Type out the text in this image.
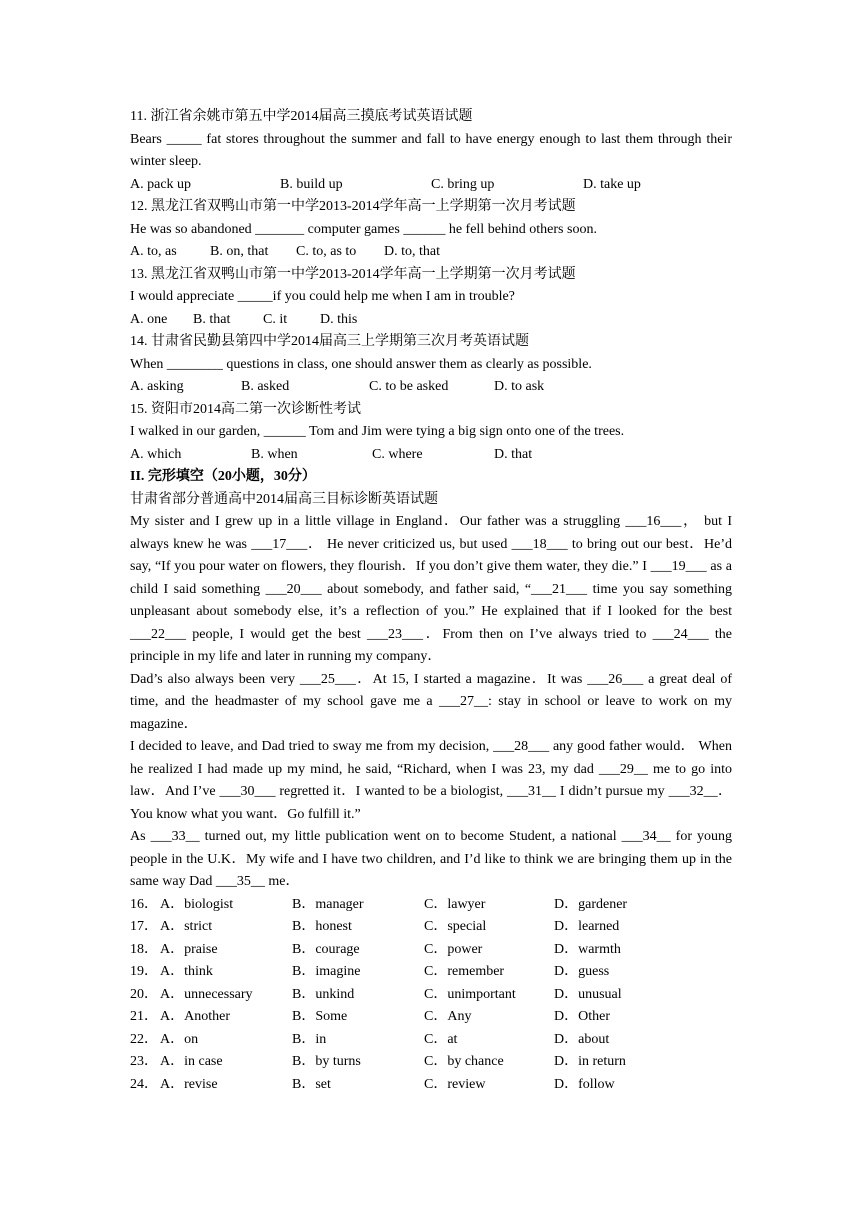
11. 浙江省余姚市第五中学2014届高三摸底考试英语试题

Bears _____ fat stores throughout the summer and fall to have energy enough to last them through their winter sleep.

A. pack up	B. build up	C. bring up	D. take up

12. 黑龙江省双鸭山市第一中学2013-2014学年高一上学期第一次月考试题

He was so abandoned _______ computer games ______ he fell behind others soon.

A. to, as	B. on, that	C. to, as to	D. to, that

13. 黑龙江省双鸭山市第一中学2013-2014学年高一上学期第一次月考试题

I would appreciate _____if you could help me when I am in trouble?

A. one	B. that	C. it	D. this

14. 甘肃省民勤县第四中学2014届高三上学期第三次月考英语试题

When ________ questions in class, one should answer them as clearly as possible.

A. asking	B. asked	C. to be asked	D. to ask

15. 资阳市2014高二第一次诊断性考试

I walked in our garden, ______ Tom and Jim were tying a big sign onto one of the trees.

A. which	B. when	C. where	D. that

II. 完形填空（20小题，30分）

甘肃省部分普通高中2014届高三目标诊断英语试题

My sister and I grew up in a little village in England．Our father was a struggling ___16___， but I always knew he was ___17___． He never criticized us, but used ___18___ to bring out our best．He’d say, “If you pour water on flowers, they flourish．If you don’t give them water, they die.” I ___19___ as a child I said something ___20___ about somebody, and father said, “___21___ time you say something unpleasant about somebody else, it’s a reflection of you.” He explained that if I looked for the best ___22___ people, I would get the best ___23___．From then on I’ve always tried to ___24___ the principle in my life and later in running my company．

Dad’s also always been very ___25___．At 15, I started a magazine．It was ___26___ a great deal of time, and the headmaster of my school gave me a ___27__: stay in school or leave to work on my magazine．

I decided to leave, and Dad tried to sway me from my decision, ___28___ any good father would． When he realized I had made up my mind, he said, “Richard, when I was 23, my dad ___29__ me to go into law．And I’ve ___30___ regretted it．I wanted to be a biologist, ___31__ I didn’t pursue my ___32__．You know what you want．Go fulfill it.”

As ___33__ turned out, my little publication went on to become Student, a national ___34__ for young people in the U.K．My wife and I have two children, and I’d like to think we are bringing them up in the same way Dad ___35__ me．

16． A．biologist	B．manager	C．lawyer	D．gardener
17． A．strict	B．honest	C．special	D．learned
18． A．praise	B．courage	C．power	D．warmth
19． A．think	B．imagine	C．remember	D．guess
20． A．unnecessary	B．unkind	C．unimportant	D．unusual
21． A．Another	B．Some	C．Any	D．Other
22． A．on	B．in	C．at	D．about
23． A．in case	B．by turns	C．by chance	D．in return
24． A．revise	B．set	C．review	D．follow
